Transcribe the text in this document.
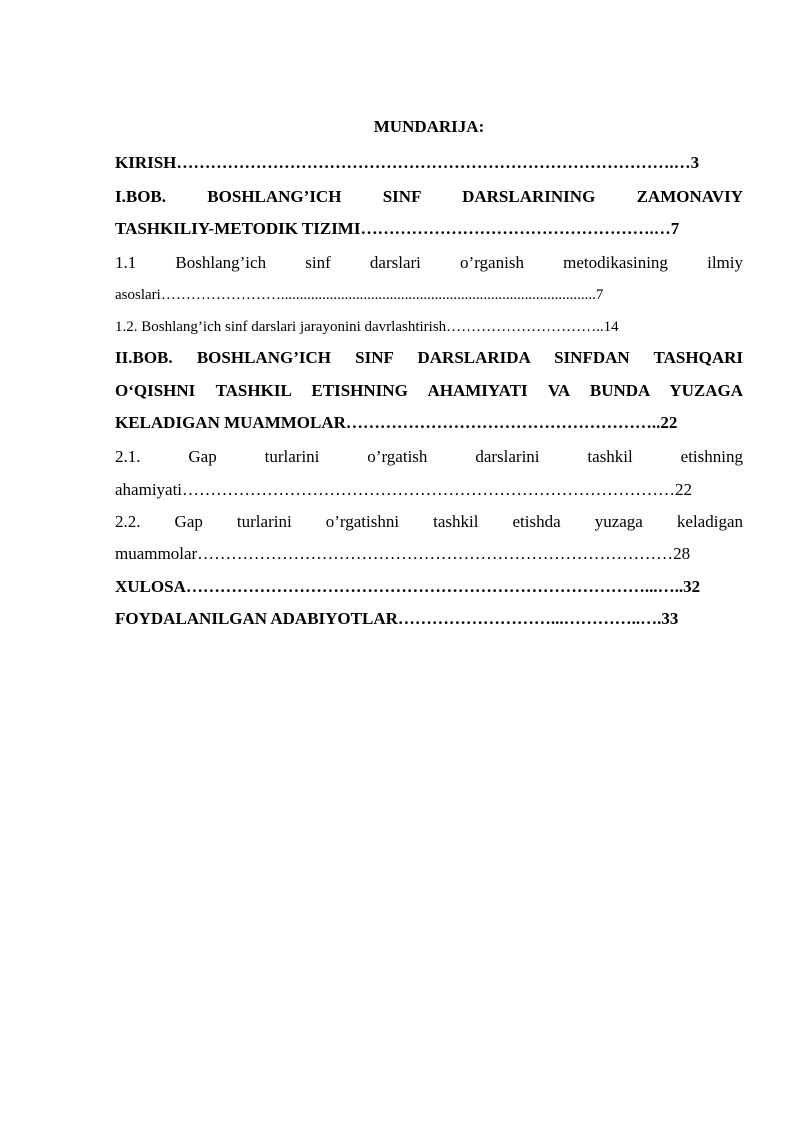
MUNDARIJA:
KIRISH…………………………………………………………………………….…3
I.BOB. BOSHLANG’ICH SINF DARSLARINING ZAMONAVIY
TASHKILIY-METODIK TIZIMI…………………………………………….…7
1.1 Boshlang’ich sinf darslari o’rganish metodikasining ilmiy
asoslari……………………....................................................................................7
1.2. Boshlang’ich sinf darslari jarayonini davrlashtirish…………………………..14
II.BOB. BOSHLANG’ICH SINF DARSLARIDA SINFDAN TASHQARI
O‘QISHNI TASHKIL ETISHNING AHAMIYATI VA BUNDA YUZAGA
KELADIGAN MUAMMOLAR………………………………………………..22
2.1. Gap turlarini o’rgatish darslarini tashkil etishning
ahamiyati……………………………………………………………………………22
2.2. Gap turlarini o’rgatishni tashkil etishda yuzaga keladigan
muammolar…………………………………………………………………………28
XULOSA………………………………………………………………………...…..32
FOYDALANILGAN ADABIYOTLAR………………………...…………..….33
